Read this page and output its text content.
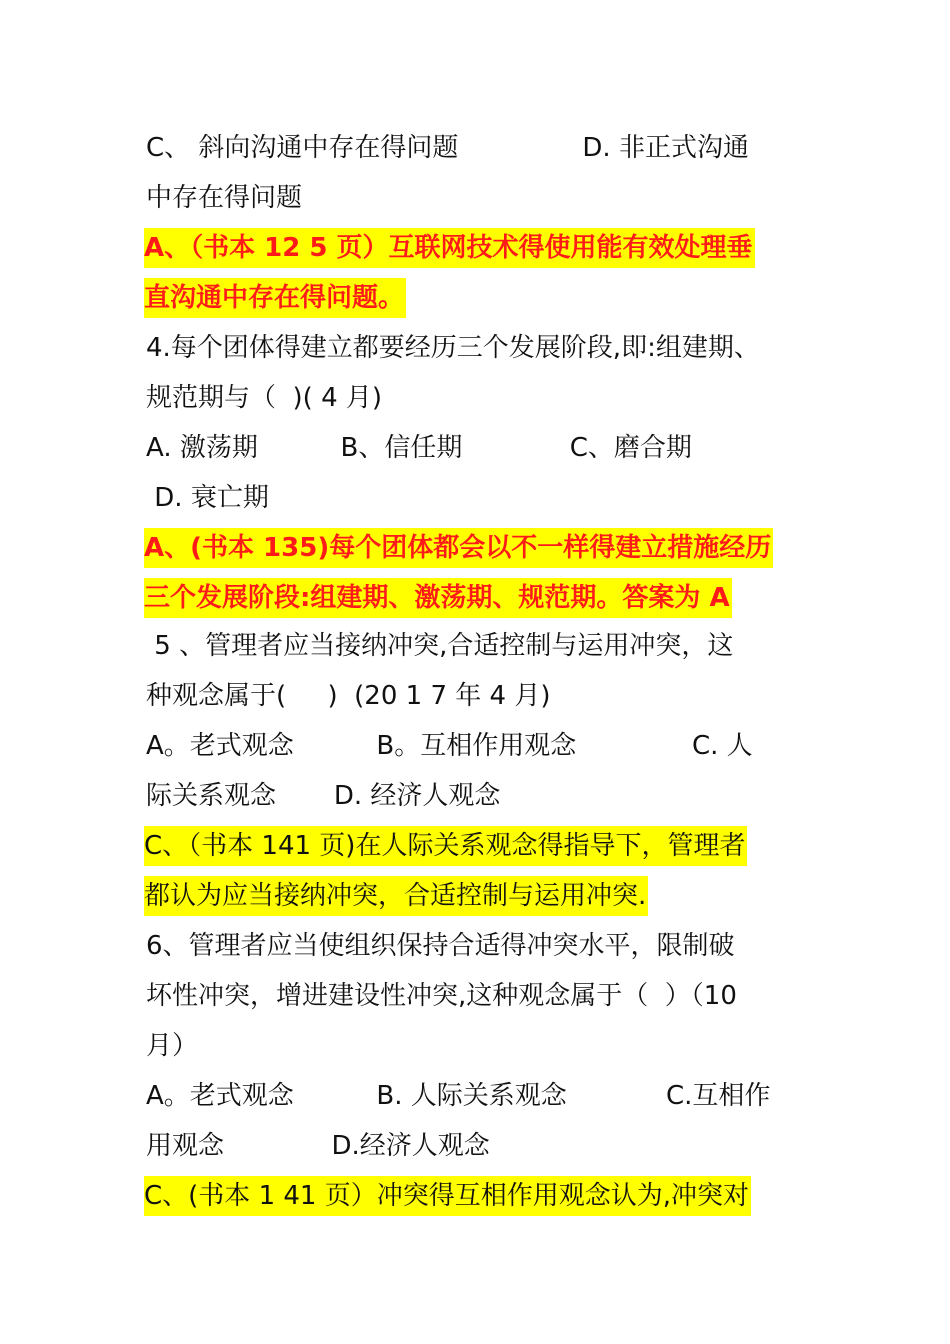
C、 斜向沟通中存在得问题               D. 非正式沟通
中存在得问题
A、（书本 12 5 页）互联网技术得使用能有效处理垂
直沟通中存在得问题。
4.每个团体得建立都要经历三个发展阶段,即:组建期、
规范期与（  )( 4 月)
A. 激荡期          B、信任期             C、磨合期
D. 衰亡期
A、(书本 135)每个团体都会以不一样得建立措施经历
三个发展阶段:组建期、激荡期、规范期。答案为 A
5 、管理者应当接纳冲突,合适控制与运用冲突，这
种观念属于(     )  (20 1 7 年 4 月)
A。老式观念          B。互相作用观念              C. 人
际关系观念       D. 经济人观念
C、（书本 141 页)在人际关系观念得指导下，管理者
都认为应当接纳冲突，合适控制与运用冲突.
6、管理者应当使组织保持合适得冲突水平，限制破
坏性冲突，增进建设性冲突,这种观念属于（  ）（10
月）
A。老式观念          B. 人际关系观念            C.互相作
用观念             D.经济人观念
C、(书本 1 41 页）冲突得互相作用观念认为,冲突对
